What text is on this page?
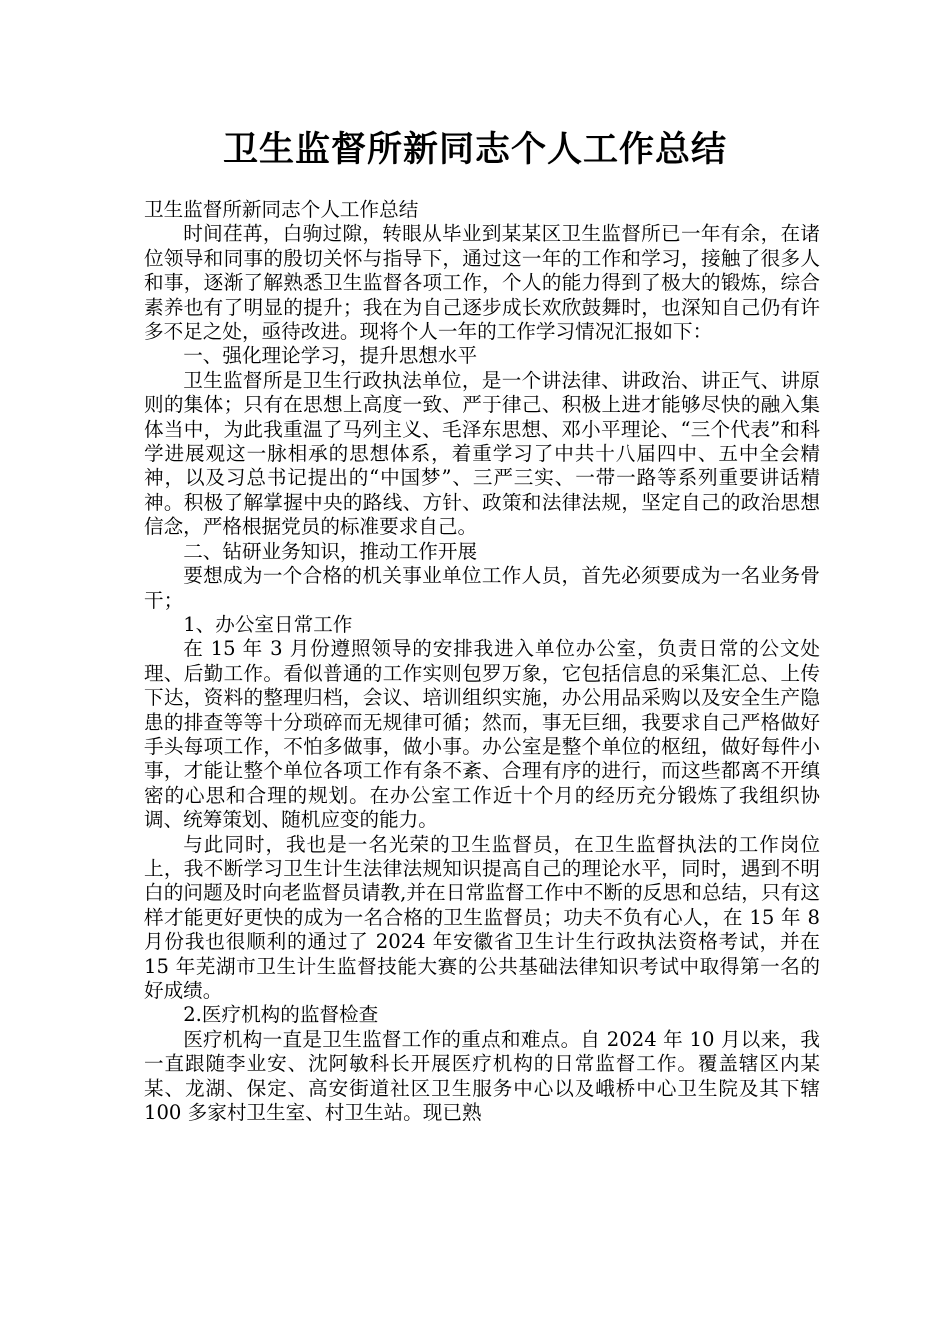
卫生监督所新同志个人工作总结

卫生监督所新同志个人工作总结

时间荏苒，白驹过隙，转眼从毕业到某某区卫生监督所已一年有余，在诸位领导和同事的殷切关怀与指导下，通过这一年的工作和学习，接触了很多人和事，逐渐了解熟悉卫生监督各项工作，个人的能力得到了极大的锻炼，综合素养也有了明显的提升；我在为自己逐步成长欢欣鼓舞时，也深知自己仍有许多不足之处，亟待改进。现将个人一年的工作学习情况汇报如下：

一、强化理论学习，提升思想水平

卫生监督所是卫生行政执法单位，是一个讲法律、讲政治、讲正气、讲原则的集体；只有在思想上高度一致、严于律己、积极上进才能够尽快的融入集体当中，为此我重温了马列主义、毛泽东思想、邓小平理论、“三个代表”和科学进展观这一脉相承的思想体系，着重学习了中共十八届四中、五中全会精神，以及习总书记提出的“中国梦”、三严三实、一带一路等系列重要讲话精神。积极了解掌握中央的路线、方针、政策和法律法规，坚定自己的政治思想信念，严格根据党员的标准要求自己。

二、钻研业务知识，推动工作开展

要想成为一个合格的机关事业单位工作人员，首先必须要成为一名业务骨干；

1、办公室日常工作

在 15 年 3 月份遵照领导的安排我进入单位办公室，负责日常的公文处理、后勤工作。看似普通的工作实则包罗万象，它包括信息的采集汇总、上传下达，资料的整理归档，会议、培训组织实施，办公用品采购以及安全生产隐患的排查等等十分琐碎而无规律可循；然而，事无巨细，我要求自己严格做好手头每项工作，不怕多做事，做小事。办公室是整个单位的枢纽，做好每件小事，才能让整个单位各项工作有条不紊、合理有序的进行，而这些都离不开缜密的心思和合理的规划。在办公室工作近十个月的经历充分锻炼了我组织协调、统筹策划、随机应变的能力。

与此同时，我也是一名光荣的卫生监督员，在卫生监督执法的工作岗位上，我不断学习卫生计生法律法规知识提高自己的理论水平，同时，遇到不明白的问题及时向老监督员请教,并在日常监督工作中不断的反思和总结，只有这样才能更好更快的成为一名合格的卫生监督员；功夫不负有心人，在 15 年 8 月份我也很顺利的通过了 2024 年安徽省卫生计生行政执法资格考试，并在 15 年芜湖市卫生计生监督技能大赛的公共基础法律知识考试中取得第一名的好成绩。

2.医疗机构的监督检查

医疗机构一直是卫生监督工作的重点和难点。自 2024 年 10 月以来，我一直跟随李业安、沈阿敏科长开展医疗机构的日常监督工作。覆盖辖区内某某、龙湖、保定、高安街道社区卫生服务中心以及峨桥中心卫生院及其下辖 100 多家村卫生室、村卫生站。现已熟
